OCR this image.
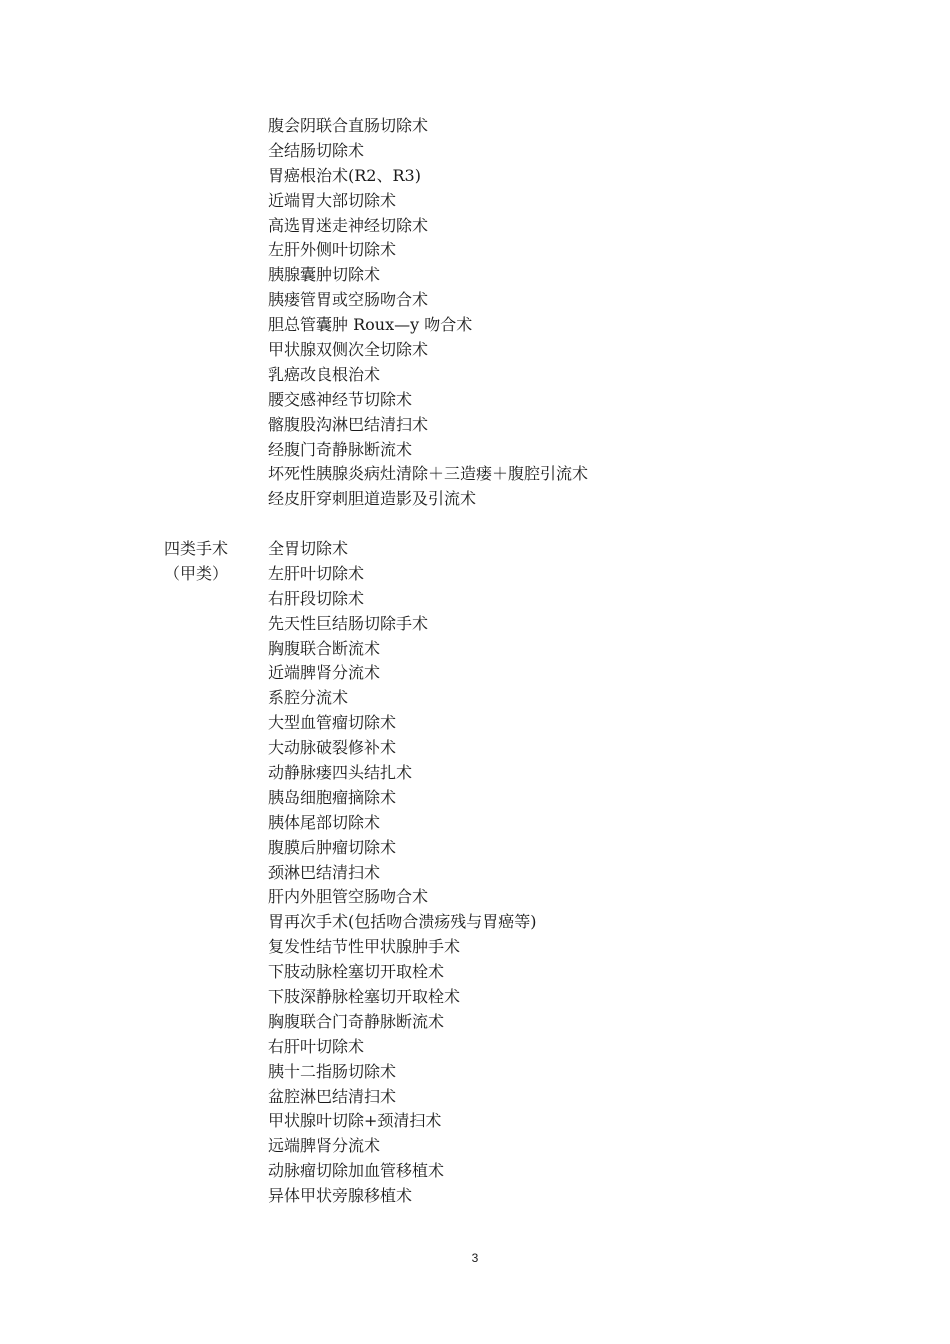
腹会阴联合直肠切除术
全结肠切除术
胃癌根治术(R2、R3)
近端胃大部切除术
高选胃迷走神经切除术
左肝外侧叶切除术
胰腺囊肿切除术
胰瘘管胃或空肠吻合术
胆总管囊肿 Roux—y 吻合术
甲状腺双侧次全切除术
乳癌改良根治术
腰交感神经节切除术
髂腹股沟淋巴结清扫术
经腹门奇静脉断流术
坏死性胰腺炎病灶清除＋三造瘘＋腹腔引流术
经皮肝穿刺胆道造影及引流术
四类手术
（甲类）
全胃切除术
左肝叶切除术
右肝段切除术
先天性巨结肠切除手术
胸腹联合断流术
近端脾肾分流术
系腔分流术
大型血管瘤切除术
大动脉破裂修补术
动静脉瘘四头结扎术
胰岛细胞瘤摘除术
胰体尾部切除术
腹膜后肿瘤切除术
颈淋巴结清扫术
肝内外胆管空肠吻合术
胃再次手术(包括吻合溃疡残与胃癌等)
复发性结节性甲状腺肿手术
下肢动脉栓塞切开取栓术
下肢深静脉栓塞切开取栓术
胸腹联合门奇静脉断流术
右肝叶切除术
胰十二指肠切除术
盆腔淋巴结清扫术
甲状腺叶切除+颈清扫术
远端脾肾分流术
动脉瘤切除加血管移植术
异体甲状旁腺移植术
3
